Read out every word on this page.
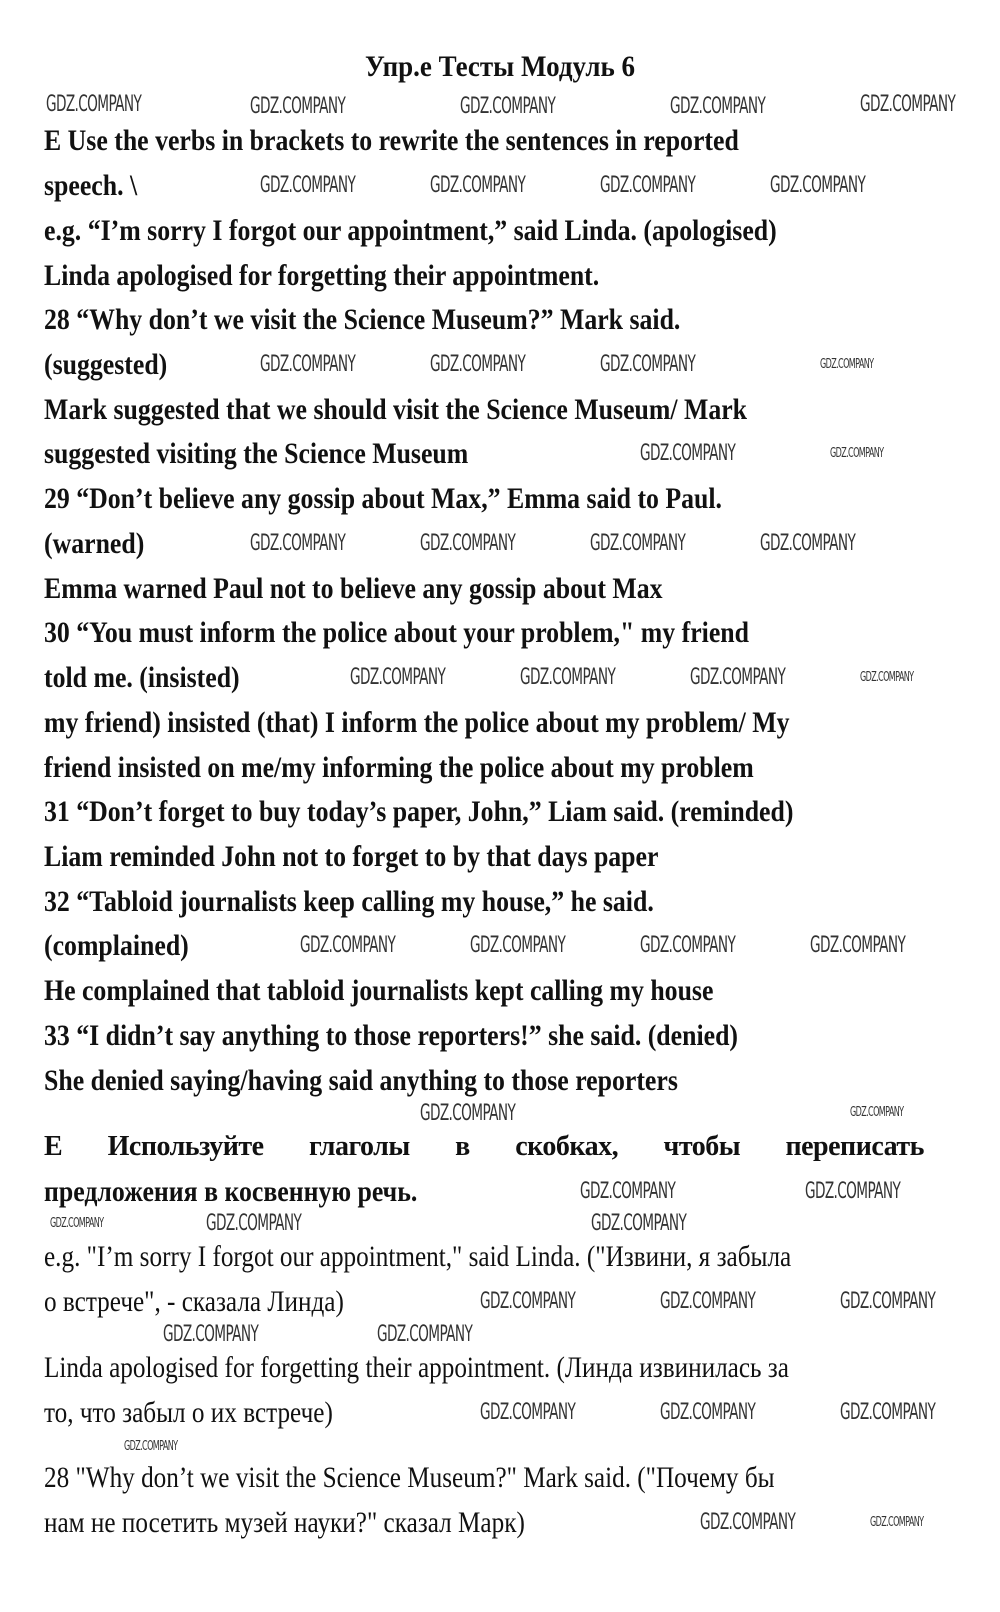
Упр.е Тесты Модуль 6
E Use the verbs in brackets to rewrite the sentences in reported
speech. \
e.g. “I’m sorry I forgot our appointment,” said Linda. (apologised)
Linda apologised for forgetting their appointment.
28 “Why don’t we visit the Science Museum?” Mark said.
(suggested)
Mark suggested that we should visit the Science Museum/ Mark
suggested visiting the Science Museum
29 “Don’t believe any gossip about Max,” Emma said to Paul.
(warned)
Emma warned Paul not to believe any gossip about Max
30 “You must inform the police about your problem," my friend
told me. (insisted)
my friend) insisted (that) I inform the police about my problem/ My
friend insisted on me/my informing the police about my problem
31 “Don’t forget to buy today’s paper, John,” Liam said. (reminded)
Liam reminded John not to forget to by that days paper
32 “Tabloid journalists keep calling my house,” he said.
(complained)
He complained that tabloid journalists kept calling my house
33 “I didn’t say anything to those reporters!” she said. (denied)
She denied saying/having said anything to those reporters
Е Используйте глаголы в скобках, чтобы переписать
предложения в косвенную речь.
e.g. "I’m sorry I forgot our appointment," said Linda. ("Извини, я забыла
о встрече", - сказала Линда)
Linda apologised for forgetting their appointment. (Линда извинилась за
то, что забыл о их встрече)
28 "Why don’t we visit the Science Museum?" Mark said. ("Почему бы
нам не посетить музей науки?" сказал Марк)
GDZ.COMPANY	GDZ.COMPANY	GDZ.COMPANY	GDZ.COMPANY	GDZ.COMPANY
GDZ.COMPANY	GDZ.COMPANY	GDZ.COMPANY	GDZ.COMPANY
GDZ.COMPANY	GDZ.COMPANY	GDZ.COMPANY	GDZ.COMPANY
GDZ.COMPANY	GDZ.COMPANY
GDZ.COMPANY	GDZ.COMPANY	GDZ.COMPANY	GDZ.COMPANY
GDZ.COMPANY	GDZ.COMPANY	GDZ.COMPANY	GDZ.COMPANY
GDZ.COMPANY	GDZ.COMPANY	GDZ.COMPANY	GDZ.COMPANY
GDZ.COMPANY	GDZ.COMPANY
GDZ.COMPANY	GDZ.COMPANY
GDZ.COMPANY	GDZ.COMPANY	GDZ.COMPANY
GDZ.COMPANY	GDZ.COMPANY	GDZ.COMPANY
GDZ.COMPANY	GDZ.COMPANY
GDZ.COMPANY	GDZ.COMPANY	GDZ.COMPANY
GDZ.COMPANY
GDZ.COMPANY	GDZ.COMPANY
